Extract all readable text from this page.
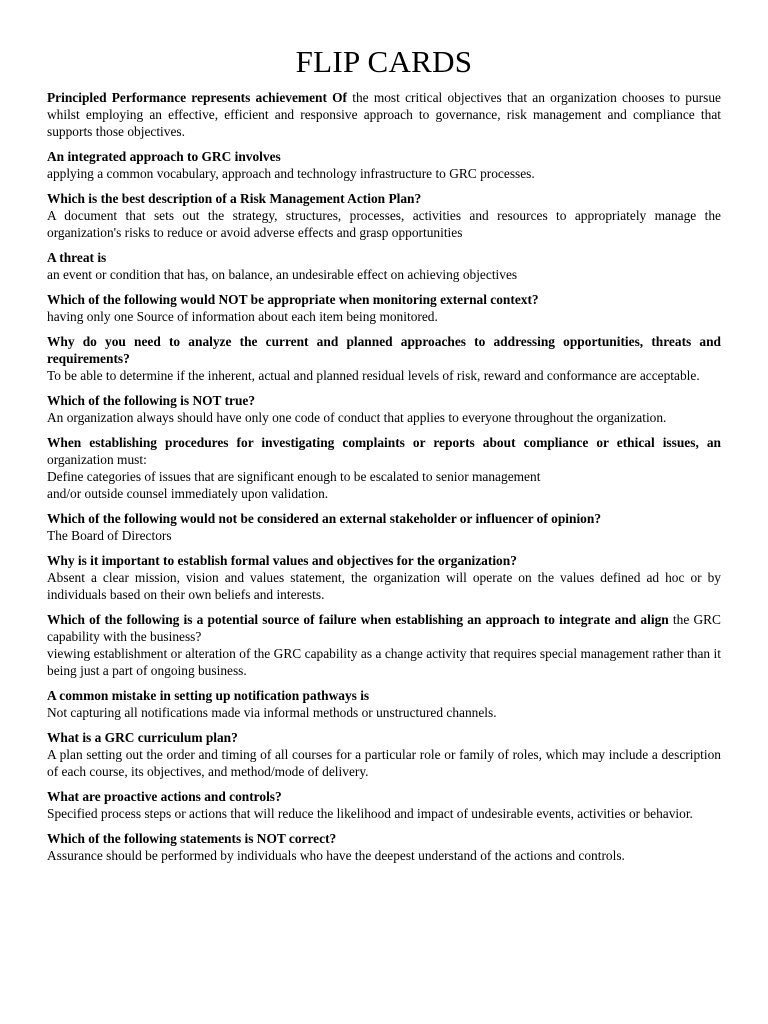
FLIP CARDS

Principled Performance represents achievement Of the most critical objectives that an organization chooses to pursue whilst employing an effective, efficient and responsive approach to governance, risk management and compliance that supports those objectives.

An integrated approach to GRC involves
applying a common vocabulary, approach and technology infrastructure to GRC processes.

Which is the best description of a Risk Management Action Plan?
A document that sets out the strategy, structures, processes, activities and resources to appropriately manage the organization's risks to reduce or avoid adverse effects and grasp opportunities

A threat is
an event or condition that has, on balance, an undesirable effect on achieving objectives

Which of the following would NOT be appropriate when monitoring external context?
having only one Source of information about each item being monitored.

Why do you need to analyze the current and planned approaches to addressing opportunities, threats and requirements?
To be able to determine if the inherent, actual and planned residual levels of risk, reward and conformance are acceptable.

Which of the following is NOT true?
An organization always should have only one code of conduct that applies to everyone throughout the organization.

When establishing procedures for investigating complaints or reports about compliance or ethical issues, an organization must:
Define categories of issues that are significant enough to be escalated to senior management
and/or outside counsel immediately upon validation.

Which of the following would not be considered an external stakeholder or influencer of opinion?
The Board of Directors

Why is it important to establish formal values and objectives for the organization?
Absent a clear mission, vision and values statement, the organization will operate on the values defined ad hoc or by individuals based on their own beliefs and interests.

Which of the following is a potential source of failure when establishing an approach to integrate and align the GRC capability with the business?
viewing establishment or alteration of the GRC capability as a change activity that requires special management rather than it being just a part of ongoing business.

A common mistake in setting up notification pathways is
Not capturing all notifications made via informal methods or unstructured channels.

What is a GRC curriculum plan?
A plan setting out the order and timing of all courses for a particular role or family of roles, which may include a description of each course, its objectives, and method/mode of delivery.

What are proactive actions and controls?
Specified process steps or actions that will reduce the likelihood and impact of undesirable events, activities or behavior.

Which of the following statements is NOT correct?
Assurance should be performed by individuals who have the deepest understand of the actions and controls.
